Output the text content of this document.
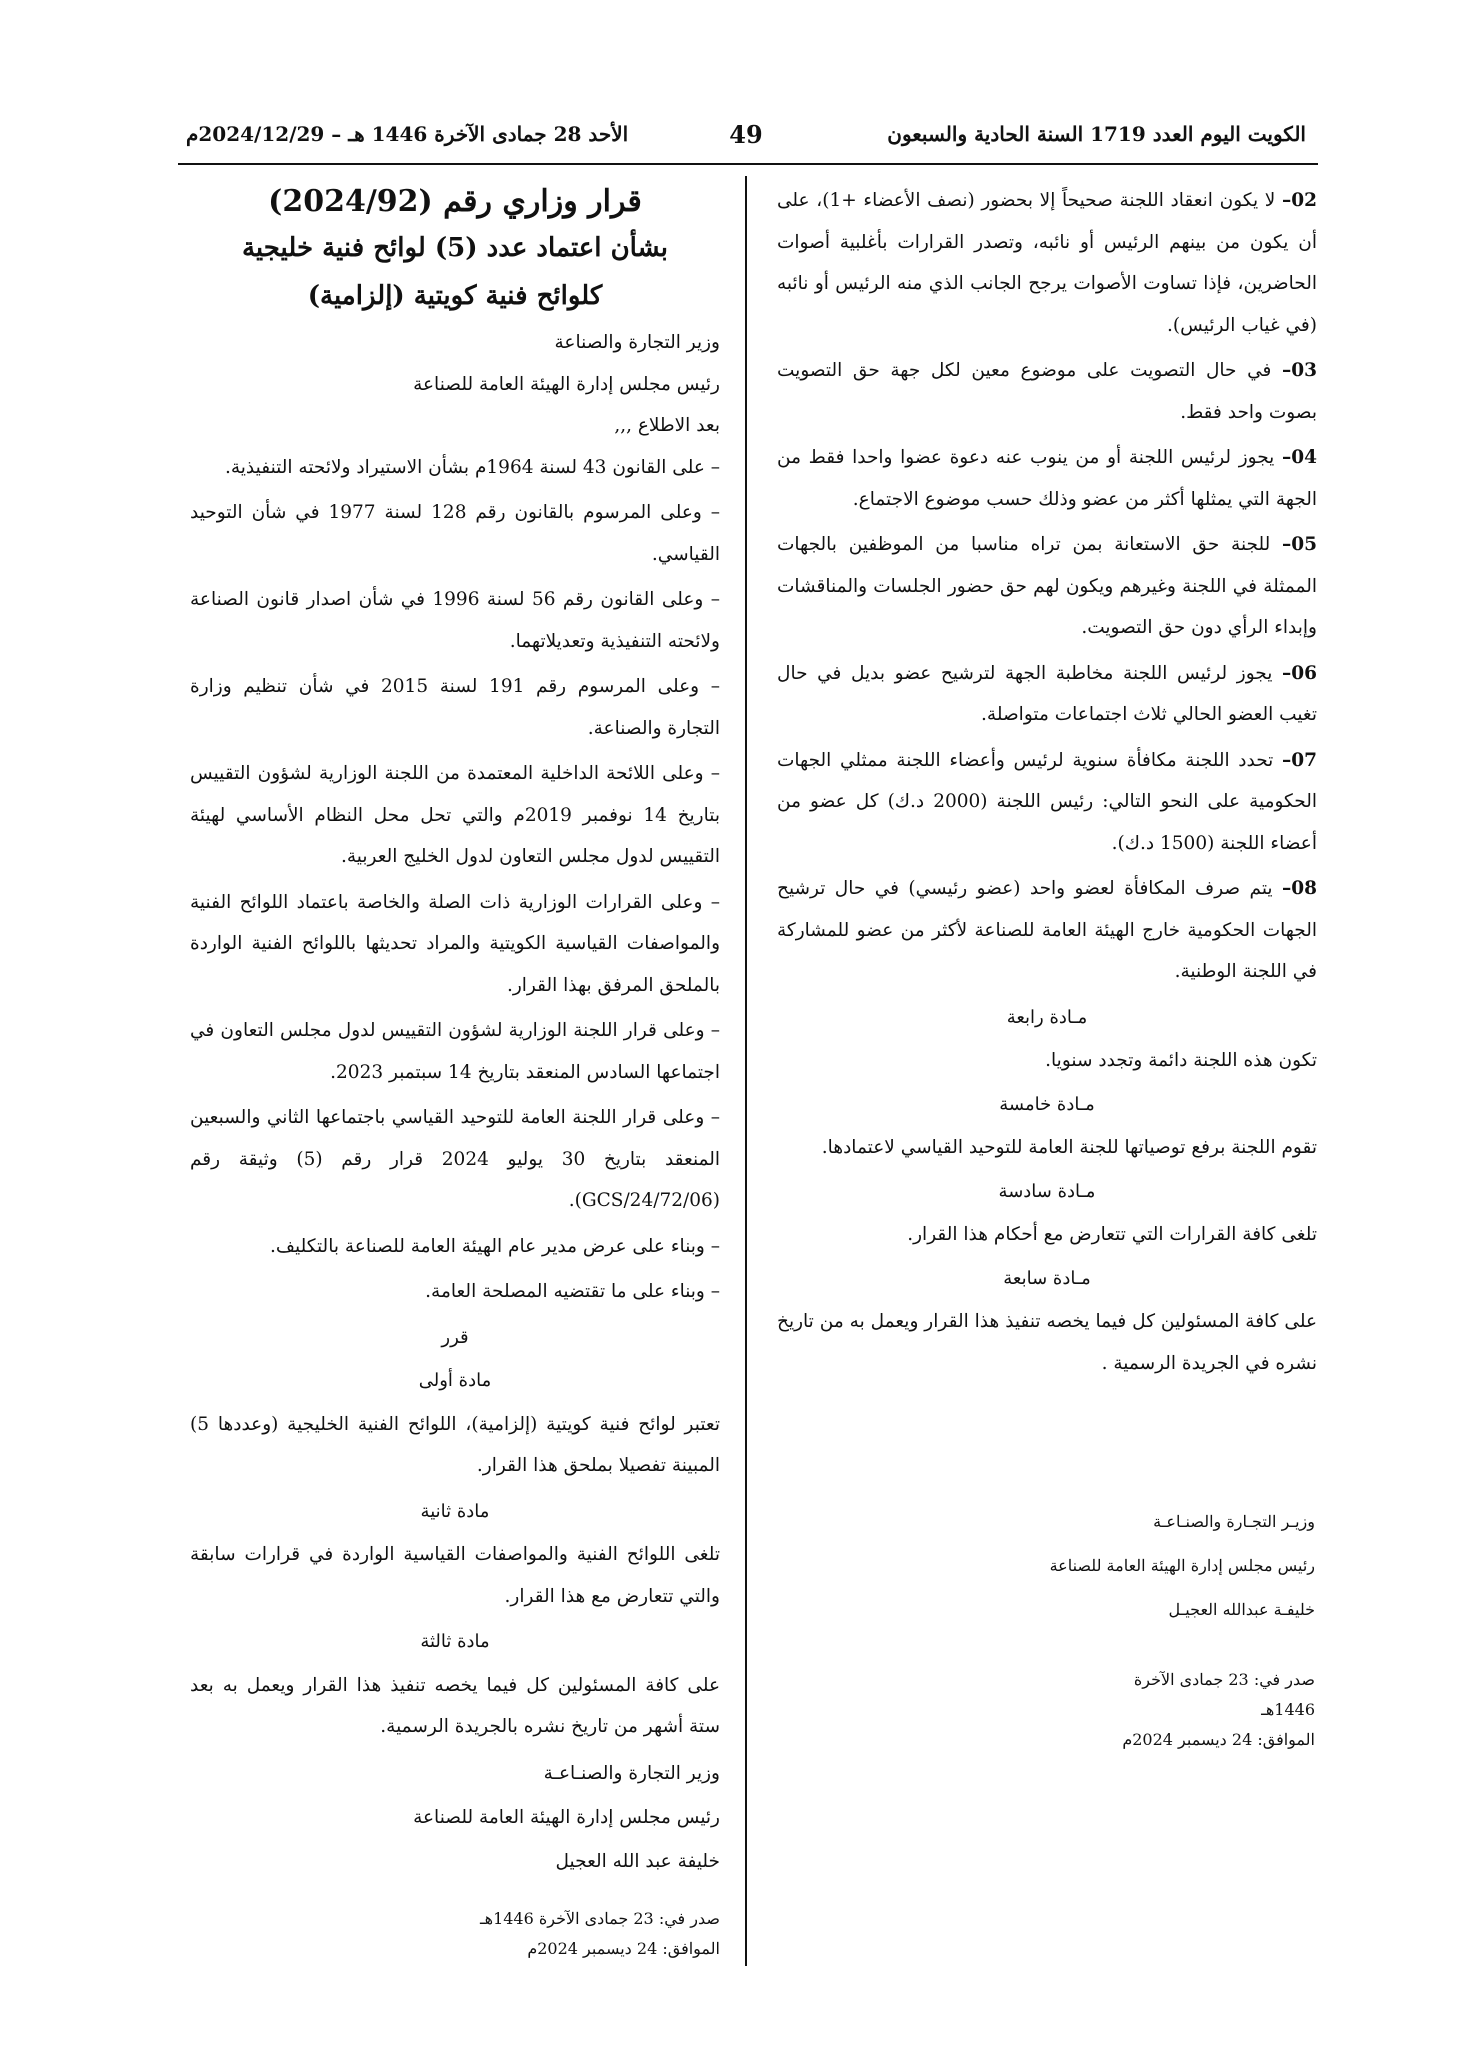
الكويت اليوم العدد 1719 السنة الحادية والسبعون
49
الأحد 28 جمادى الآخرة 1446 هـ – 2024/12/29م

02– لا يكون انعقاد اللجنة صحيحاً إلا بحضور (نصف الأعضاء +1)، على أن يكون من بينهم الرئيس أو نائبه، وتصدر القرارات بأغلبية أصوات الحاضرين، فإذا تساوت الأصوات يرجح الجانب الذي منه الرئيس أو نائبه (في غياب الرئيس).

03– في حال التصويت على موضوع معين لكل جهة حق التصويت بصوت واحد فقط.

04– يجوز لرئيس اللجنة أو من ينوب عنه دعوة عضوا واحدا فقط من الجهة التي يمثلها أكثر من عضو وذلك حسب موضوع الاجتماع.

05– للجنة حق الاستعانة بمن تراه مناسبا من الموظفين بالجهات الممثلة في اللجنة وغيرهم ويكون لهم حق حضور الجلسات والمناقشات وإبداء الرأي دون حق التصويت.

06– يجوز لرئيس اللجنة مخاطبة الجهة لترشيح عضو بديل في حال تغيب العضو الحالي ثلاث اجتماعات متواصلة.

07– تحدد اللجنة مكافأة سنوية لرئيس وأعضاء اللجنة ممثلي الجهات الحكومية على النحو التالي: رئيس اللجنة (2000 د.ك) كل عضو من أعضاء اللجنة (1500 د.ك).

08– يتم صرف المكافأة لعضو واحد (عضو رئيسي) في حال ترشيح الجهات الحكومية خارج الهيئة العامة للصناعة لأكثر من عضو للمشاركة في اللجنة الوطنية.

مـادة رابعة

تكون هذه اللجنة دائمة وتجدد سنويا.

مـادة خامسة

تقوم اللجنة برفع توصياتها للجنة العامة للتوحيد القياسي لاعتمادها.

مـادة سادسة

تلغى كافة القرارات التي تتعارض مع أحكام هذا القرار.

مـادة سابعة

على كافة المسئولين كل فيما يخصه تنفيذ هذا القرار ويعمل به من تاريخ نشره في الجريدة الرسمية .

وزيـر التجـارة والصنـاعـة

رئيس مجلس إدارة الهيئة العامة للصناعة

خليفـة عبدالله العجيـل

صدر في: 23 جمادى الآخرة 1446هـ

الموافق: 24 ديسمبر 2024م

قرار وزاري رقم (2024/92)
بشأن اعتماد عدد (5) لوائح فنية خليجية
كلوائح فنية كويتية (إلزامية)

وزير التجارة والصناعة

رئيس مجلس إدارة الهيئة العامة للصناعة

بعد الاطلاع ,,,

– على القانون 43 لسنة 1964م بشأن الاستيراد ولائحته التنفيذية.

– وعلى المرسوم بالقانون رقم 128 لسنة 1977 في شأن التوحيد القياسي.

– وعلى القانون رقم 56 لسنة 1996 في شأن اصدار قانون الصناعة ولائحته التنفيذية وتعديلاتهما.

– وعلى المرسوم رقم 191 لسنة 2015 في شأن تنظيم وزارة التجارة والصناعة.

– وعلى اللائحة الداخلية المعتمدة من اللجنة الوزارية لشؤون التقييس بتاريخ 14 نوفمبر 2019م والتي تحل محل النظام الأساسي لهيئة التقييس لدول مجلس التعاون لدول الخليج العربية.

– وعلى القرارات الوزارية ذات الصلة والخاصة باعتماد اللوائح الفنية والمواصفات القياسية الكويتية والمراد تحديثها باللوائح الفنية الواردة بالملحق المرفق بهذا القرار.

– وعلى قرار اللجنة الوزارية لشؤون التقييس لدول مجلس التعاون في اجتماعها السادس المنعقد بتاريخ 14 سبتمبر 2023.

– وعلى قرار اللجنة العامة للتوحيد القياسي باجتماعها الثاني والسبعين المنعقد بتاريخ 30 يوليو 2024 قرار رقم (5) وثيقة رقم (GCS/24/72/06).

– وبناء على عرض مدير عام الهيئة العامة للصناعة بالتكليف.

– وبناء على ما تقتضيه المصلحة العامة.

قرر

مادة أولى

تعتبر لوائح فنية كويتية (إلزامية)، اللوائح الفنية الخليجية (وعددها 5) المبينة تفصيلا بملحق هذا القرار.

مادة ثانية

تلغى اللوائح الفنية والمواصفات القياسية الواردة في قرارات سابقة والتي تتعارض مع هذا القرار.

مادة ثالثة

على كافة المسئولين كل فيما يخصه تنفيذ هذا القرار ويعمل به بعد ستة أشهر من تاريخ نشره بالجريدة الرسمية.

وزير التجارة والصنـاعـة

رئيس مجلس إدارة الهيئة العامة للصناعة

خليفة عبد الله العجيل

صدر في: 23 جمادى الآخرة 1446هـ

الموافق: 24 ديسمبر 2024م
